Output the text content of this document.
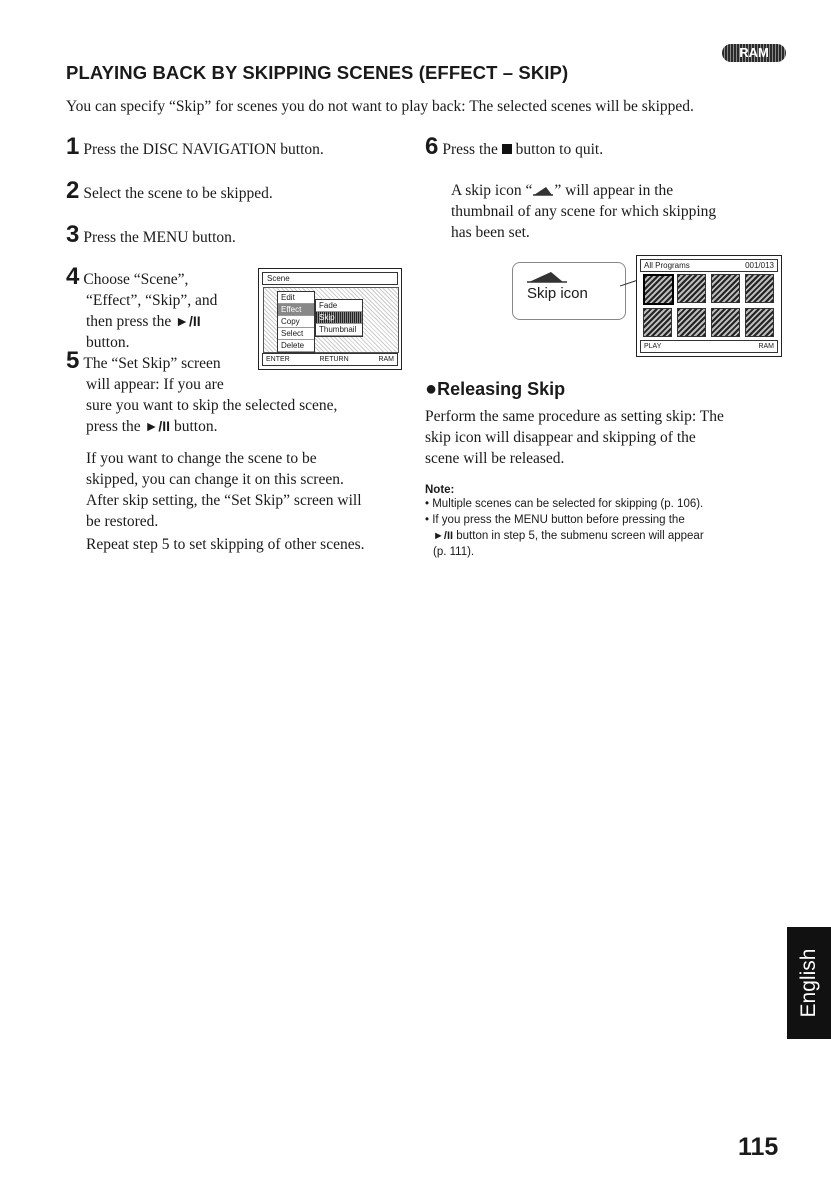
PLAYING BACK BY SKIPPING SCENES (EFFECT – SKIP)
RAM
You can specify “Skip” for scenes you do not want to play back: The selected scenes will be skipped.
1 Press the DISC NAVIGATION button.
2 Select the scene to be skipped.
3 Press the MENU button.
4 Choose “Scene”,
“Effect”, “Skip”, and
then press the ►/II
button.
5 The “Set Skip” screen
will appear: If you are
sure you want to skip the selected scene,
press the ►/II button.
If you want to change the scene to be
skipped, you can change it on this screen.
After skip setting, the “Set Skip” screen will
be restored.
Repeat step 5 to set skipping of other scenes.
Scene
Edit
Effect
Copy
Select
Delete
Fade
Skip
Thumbnail
ENTER	RETURN	RAM
6 Press the button to quit.
A skip icon “ ” will appear in the
thumbnail of any scene for which skipping
has been set.
Skip icon
All Programs	001/013
PLAY	RAM
●Releasing Skip
Perform the same procedure as setting skip: The
skip icon will disappear and skipping of the
scene will be released.
Note:
• Multiple scenes can be selected for skipping (p. 106).
• If you press the MENU button before pressing the
►/II button in step 5, the submenu screen will appear
(p. 111).
English
115
